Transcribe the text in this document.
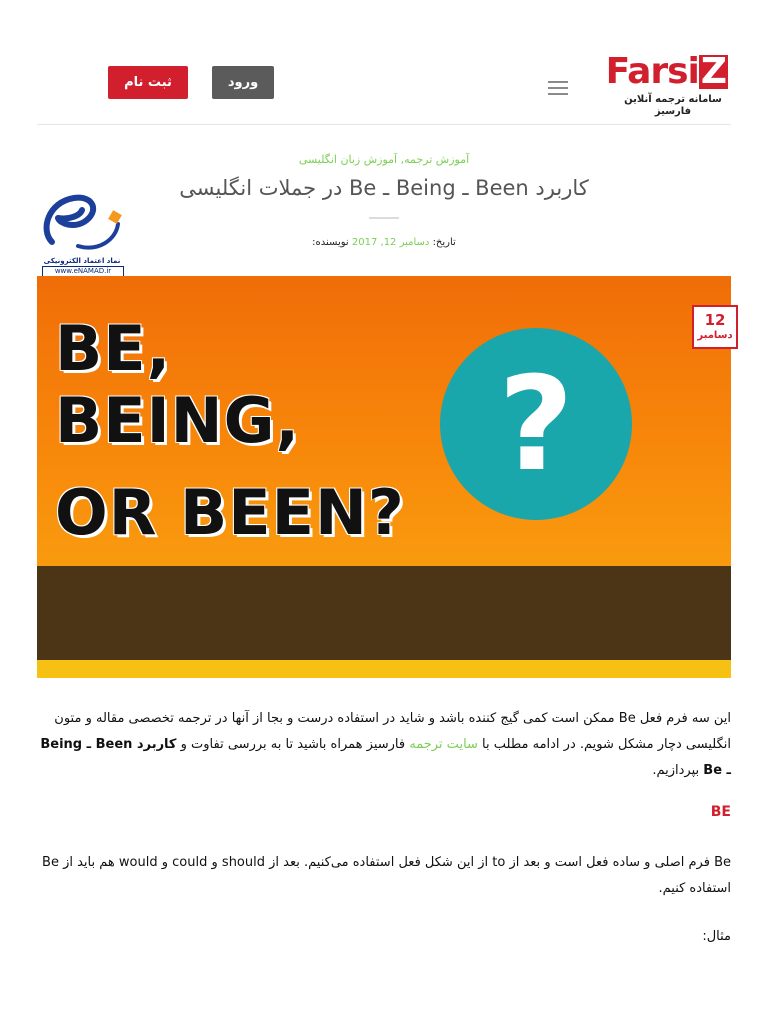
FarsiZ
سامانه ترجمه آنلاین
فارسیز
ورود
ثبت نام
نماد اعتماد الکترونیکی
www.eNAMAD.ir
آموزش ترجمه, آموزش زبان انگلیسی
کاربرد Been ـ Being ـ Be در جملات انگلیسی
تاریخ: دسامبر 12, 2017 نویسنده:
BE,
BEING,
OR BEEN?
?
12
دسامبر
این سه فرم فعل Be ممکن است کمی گیج کننده باشد و شاید در استفاده درست و بجا از آنها در ترجمه تخصصی مقاله و متون انگلیسی دچار مشکل شویم. در ادامه مطلب با سایت ترجمه فارسیز همراه باشید تا به بررسی تفاوت و کاربرد Been ـ Being ـ Be بپردازیم.
BE
Be فرم اصلی و ساده فعل است و بعد از to از این شکل فعل استفاده می‌کنیم. بعد از should و could و would هم باید از Be استفاده کنیم.
مثال:
